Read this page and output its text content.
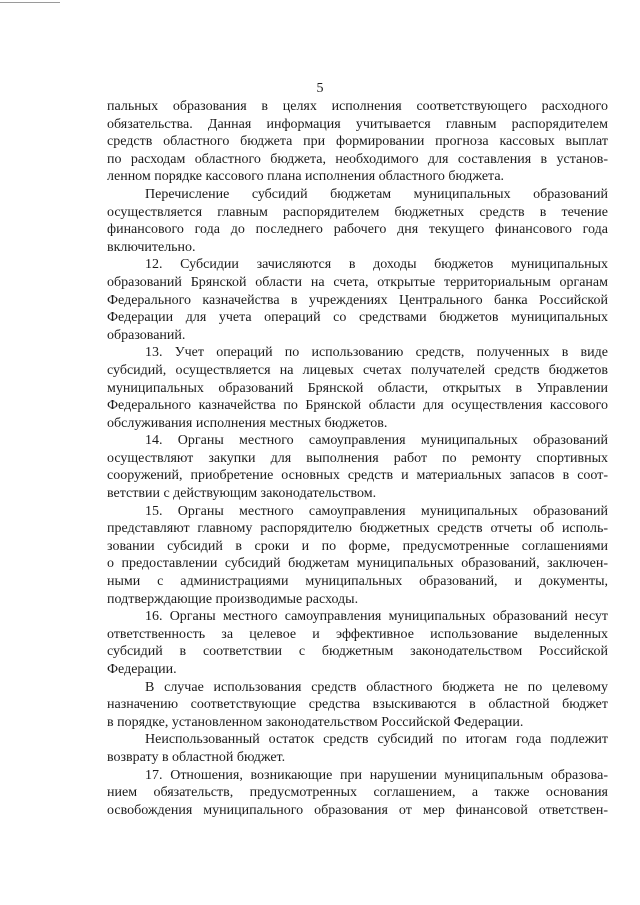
5
пальных образования в целях исполнения соответствующего расходного
обязательства. Данная информация учитывается главным распорядителем
средств областного бюджета при формировании прогноза кассовых выплат
по расходам областного бюджета, необходимого для составления в установ-
ленном порядке кассового плана исполнения областного бюджета.
Перечисление субсидий бюджетам муниципальных образований
осуществляется главным распорядителем бюджетных средств в течение
финансового года до последнего рабочего дня текущего финансового года
включительно.
12. Субсидии зачисляются в доходы бюджетов муниципальных
образований Брянской области на счета, открытые территориальным органам
Федерального казначейства в учреждениях Центрального банка Российской
Федерации для учета операций со средствами бюджетов муниципальных
образований.
13. Учет операций по использованию средств, полученных в виде
субсидий, осуществляется на лицевых счетах получателей средств бюджетов
муниципальных образований Брянской области, открытых в Управлении
Федерального казначейства по Брянской области для осуществления кассового
обслуживания исполнения местных бюджетов.
14. Органы местного самоуправления муниципальных образований
осуществляют закупки для выполнения работ по ремонту спортивных
сооружений, приобретение основных средств и материальных запасов в соот-
ветствии с действующим законодательством.
15. Органы местного самоуправления муниципальных образований
представляют главному распорядителю бюджетных средств отчеты об исполь-
зовании субсидий в сроки и по форме, предусмотренные соглашениями
о предоставлении субсидий бюджетам муниципальных образований, заключен-
ными с администрациями муниципальных образований, и документы,
подтверждающие производимые расходы.
16. Органы местного самоуправления муниципальных образований несут
ответственность за целевое и эффективное использование выделенных
субсидий в соответствии с бюджетным законодательством Российской
Федерации.
В случае использования средств областного бюджета не по целевому
назначению соответствующие средства взыскиваются в областной бюджет
в порядке, установленном законодательством Российской Федерации.
Неиспользованный остаток средств субсидий по итогам года подлежит
возврату в областной бюджет.
17. Отношения, возникающие при нарушении муниципальным образова-
нием обязательств, предусмотренных соглашением, а также основания
освобождения муниципального образования от мер финансовой ответствен-
